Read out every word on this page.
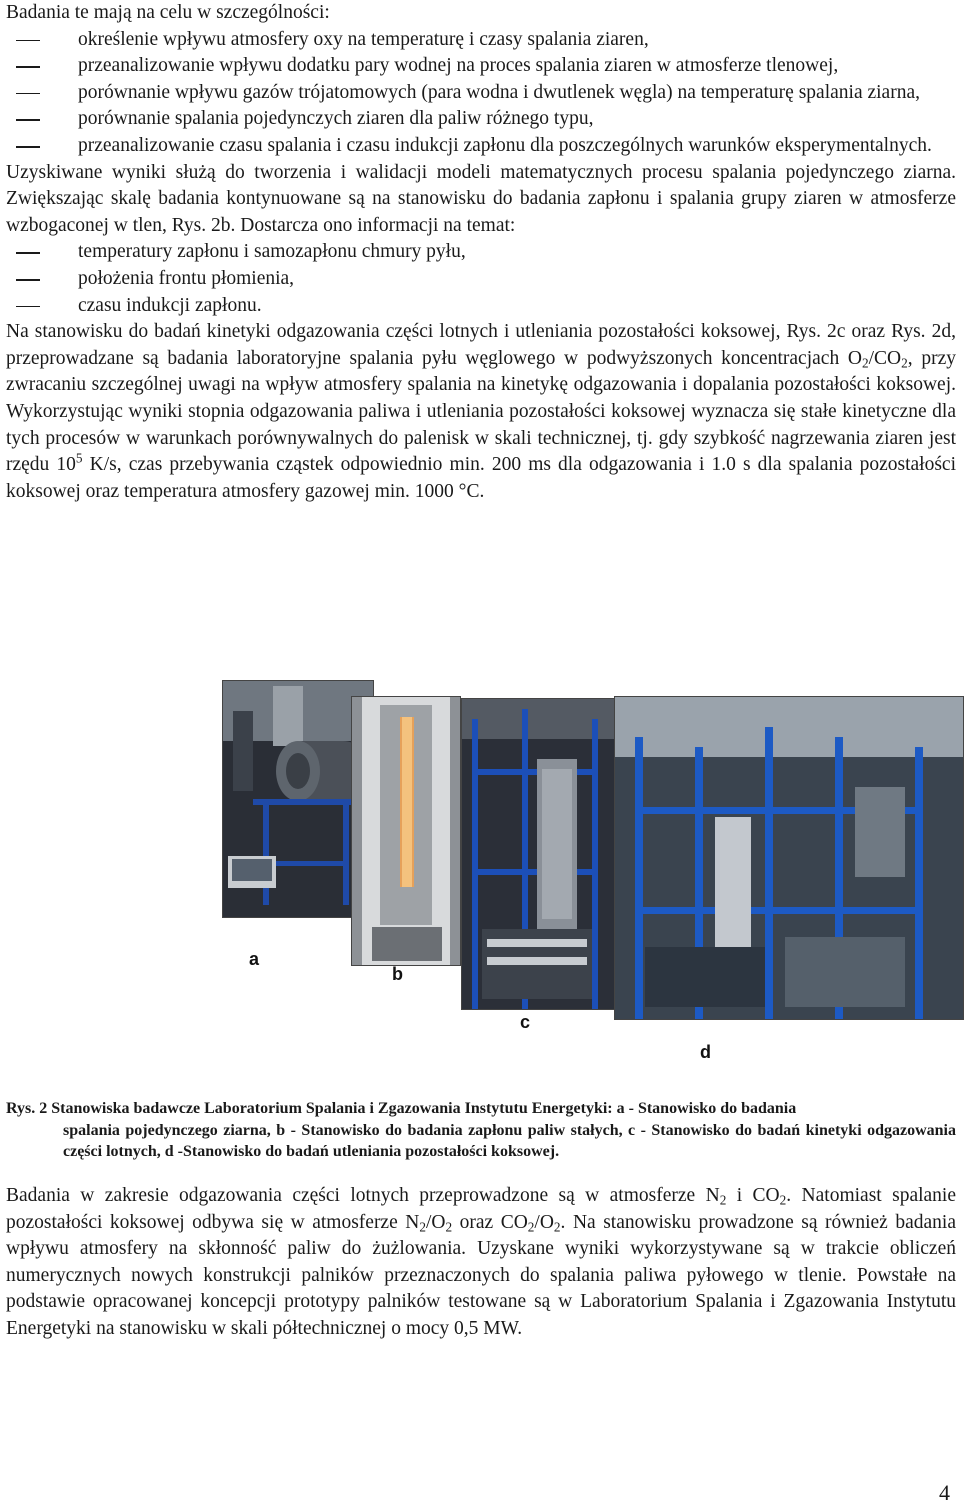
Badania te mają na celu w szczególności:

określenie wpływu atmosfery oxy na temperaturę i czasy spalania ziaren,
przeanalizowanie wpływu dodatku pary wodnej na proces spalania ziaren w atmosferze tlenowej,
porównanie wpływu gazów trójatomowych (para wodna i dwutlenek węgla) na temperaturę spalania ziarna,
porównanie spalania pojedynczych ziaren dla paliw różnego typu,
przeanalizowanie czasu spalania i czasu indukcji zapłonu dla poszczególnych warunków eksperymentalnych.

Uzyskiwane wyniki służą do tworzenia i walidacji modeli matematycznych procesu spalania pojedynczego ziarna. Zwiększając skalę badania kontynuowane są na stanowisku do badania zapłonu i spalania grupy ziaren w atmosferze wzbogaconej w tlen, Rys. 2b. Dostarcza ono informacji na temat:

temperatury zapłonu i samozapłonu chmury pyłu,
położenia frontu płomienia,
czasu indukcji zapłonu.

Na stanowisku do badań kinetyki odgazowania części lotnych i utleniania pozostałości koksowej, Rys. 2c oraz Rys. 2d, przeprowadzane są badania laboratoryjne spalania pyłu węglowego w podwyższonych koncentracjach $O_2/CO_2$, przy zwracaniu szczególnej uwagi na wpływ atmosfery spalania na kinetykę odgazowania i dopalania pozostałości koksowej. Wykorzystując wyniki stopnia odgazowania paliwa i utleniania pozostałości koksowej wyznacza się stałe kinetyczne dla tych procesów w warunkach porównywalnych do palenisk w skali technicznej, tj. gdy szybkość nagrzewania ziaren jest rzędu $10^5$ K/s, czas przebywania cząstek odpowiednio min. 200 ms dla odgazowania i 1.0 s dla spalania pozostałości koksowej oraz temperatura atmosfery gazowej min. 1000 °C.

a
b
c
d

Rys. 2 Stanowiska badawcze Laboratorium Spalania i Zgazowania Instytutu Energetyki: a - Stanowisko do badania

spalania pojedynczego ziarna, b - Stanowisko do badania zapłonu paliw stałych, c - Stanowisko do badań kinetyki odgazowania części lotnych, d -Stanowisko do badań utleniania pozostałości koksowej.

Badania w zakresie odgazowania części lotnych przeprowadzone są w atmosferze $N_2$ i $CO_2$. Natomiast spalanie pozostałości koksowej odbywa się w atmosferze $N_2/O_2$ oraz $CO_2/O_2$. Na stanowisku prowadzone są również badania wpływu atmosfery na skłonność paliw do żużlowania. Uzyskane wyniki wykorzystywane są w trakcie obliczeń numerycznych nowych konstrukcji palników przeznaczonych do spalania paliwa pyłowego w tlenie. Powstałe na podstawie opracowanej koncepcji prototypy palników testowane są w Laboratorium Spalania i Zgazowania Instytutu Energetyki na stanowisku w skali półtechnicznej o mocy 0,5 MW.

4
